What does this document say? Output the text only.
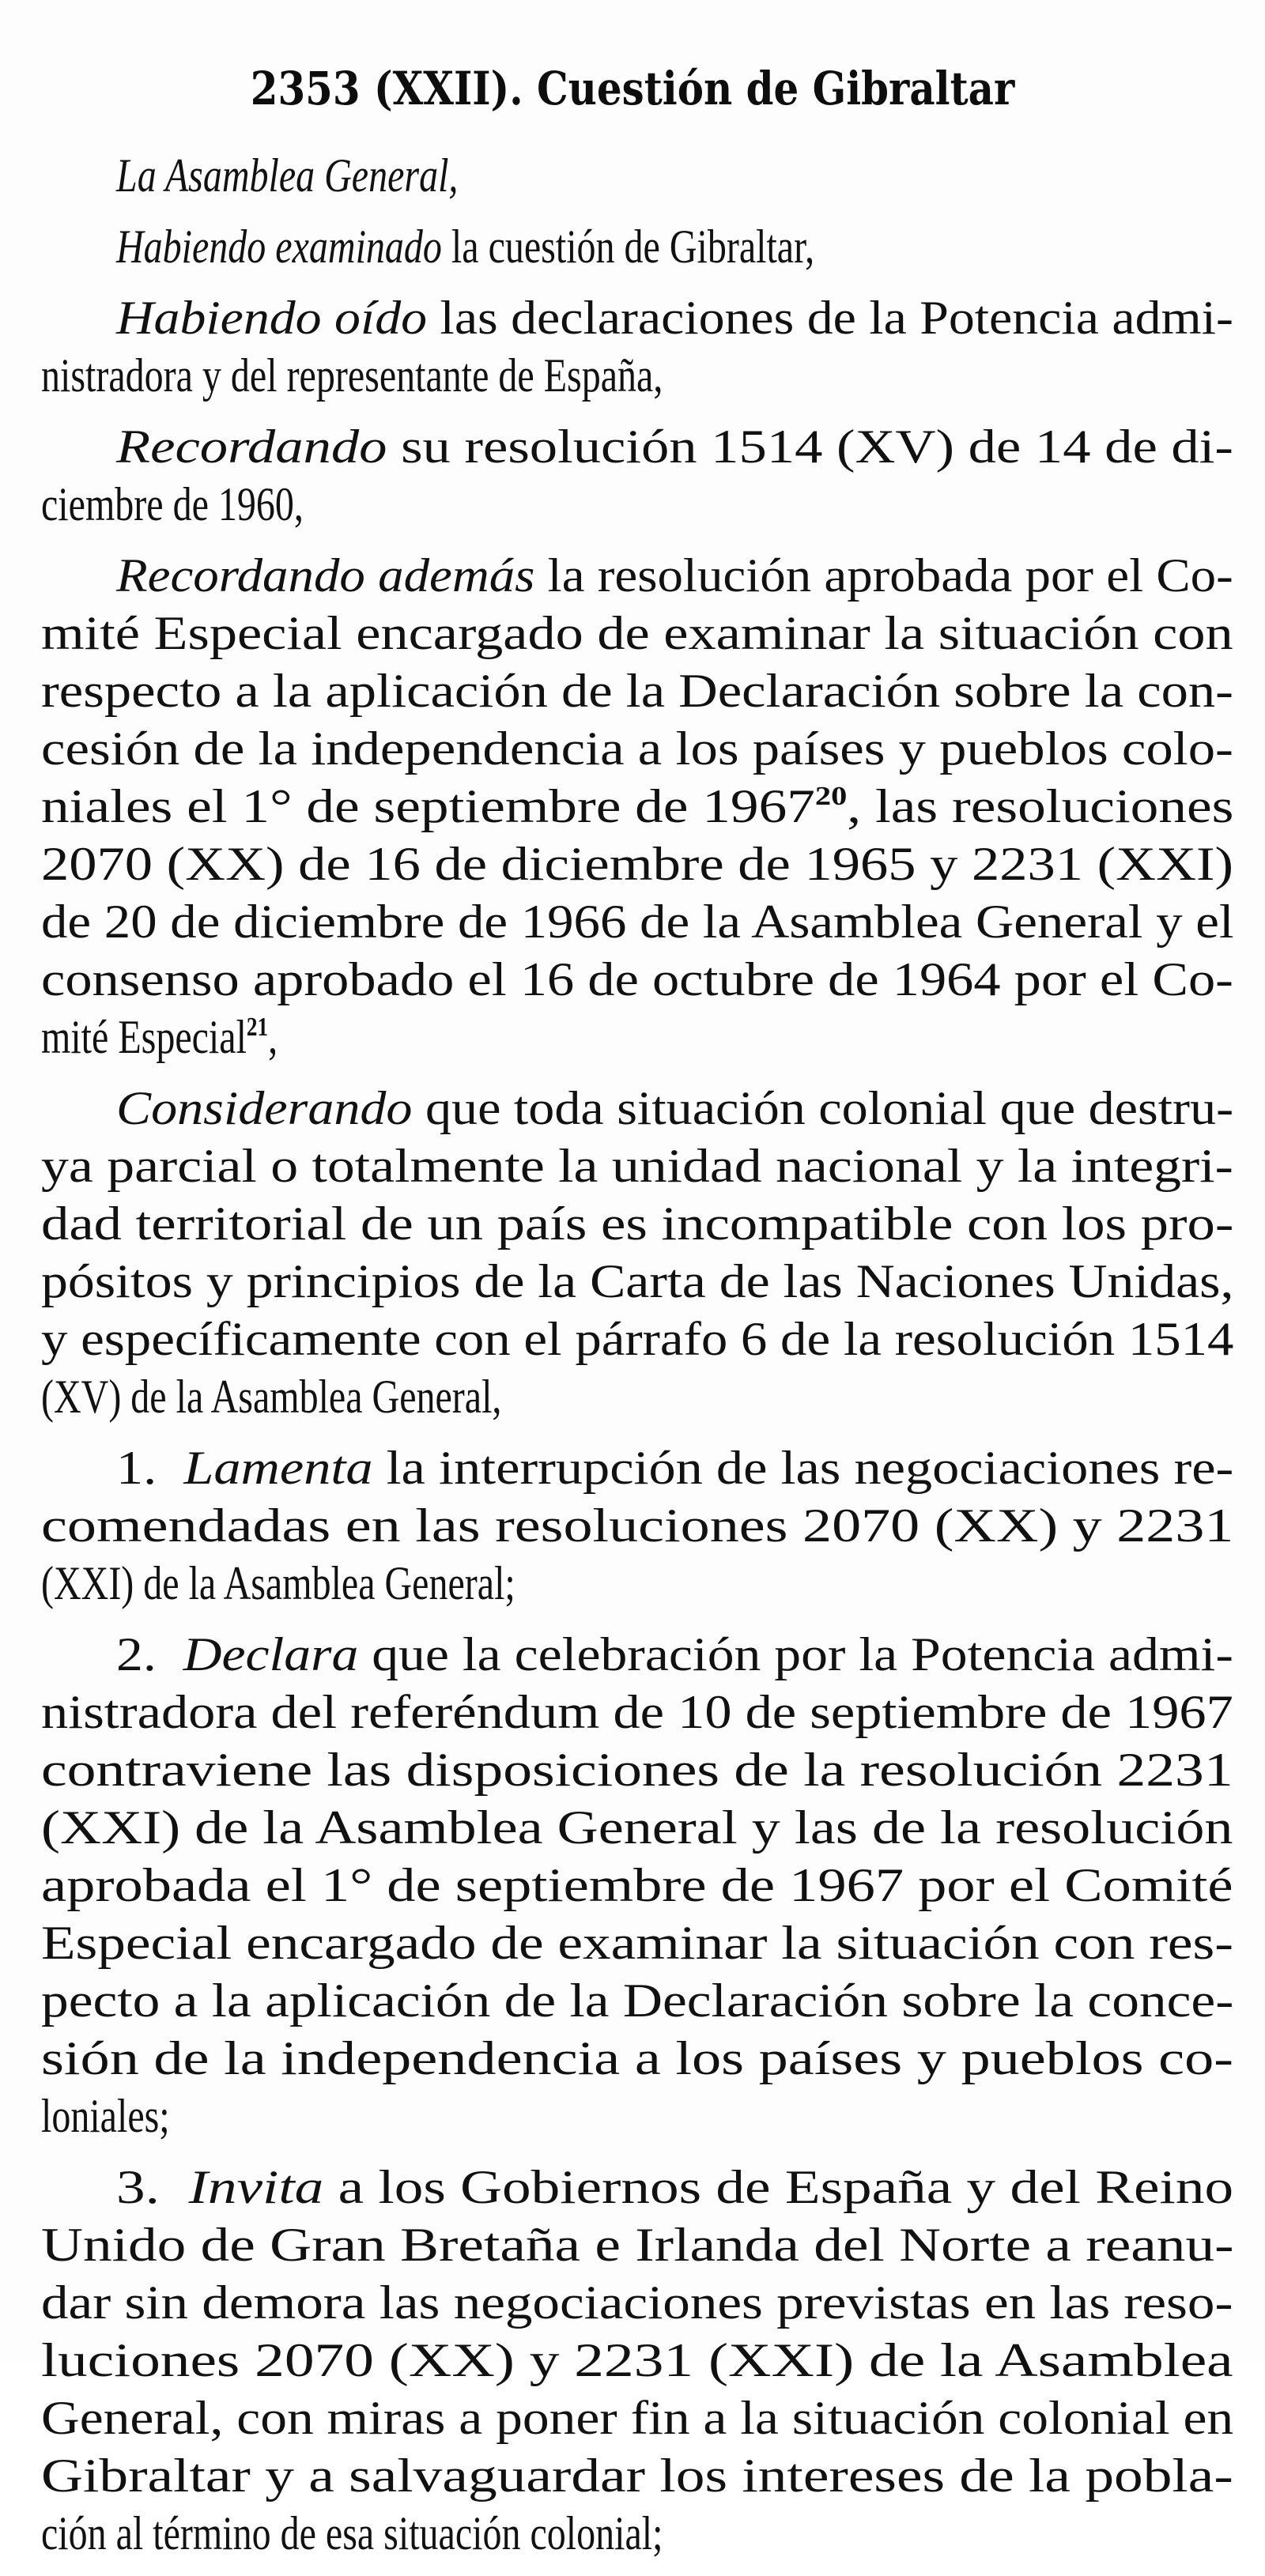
2353 (XXII). Cuestión de Gibraltar
La Asamblea General,
Habiendo examinado la cuestión de Gibraltar,
Habiendo oído las declaraciones de la Potencia admi-
nistradora y del representante de España,
Recordando su resolución 1514 (XV) de 14 de di-
ciembre de 1960,
Recordando además la resolución aprobada por el Co-
mité Especial encargado de examinar la situación con
respecto a la aplicación de la Declaración sobre la con-
cesión de la independencia a los países y pueblos colo-
niales el 1° de septiembre de 1967$^{20}$, las resoluciones
2070 (XX) de 16 de diciembre de 1965 y 2231 (XXI)
de 20 de diciembre de 1966 de la Asamblea General y el
consenso aprobado el 16 de octubre de 1964 por el Co-
mité Especial$^{21}$,
Considerando que toda situación colonial que destru-
ya parcial o totalmente la unidad nacional y la integri-
dad territorial de un país es incompatible con los pro-
pósitos y principios de la Carta de las Naciones Unidas,
y específicamente con el párrafo 6 de la resolución 1514
(XV) de la Asamblea General,
1.  Lamenta la interrupción de las negociaciones re-
comendadas en las resoluciones 2070 (XX) y 2231
(XXI) de la Asamblea General;
2.  Declara que la celebración por la Potencia admi-
nistradora del referéndum de 10 de septiembre de 1967
contraviene las disposiciones de la resolución 2231
(XXI) de la Asamblea General y las de la resolución
aprobada el 1° de septiembre de 1967 por el Comité
Especial encargado de examinar la situación con res-
pecto a la aplicación de la Declaración sobre la conce-
sión de la independencia a los países y pueblos co-
loniales;
3.  Invita a los Gobiernos de España y del Reino
Unido de Gran Bretaña e Irlanda del Norte a reanu-
dar sin demora las negociaciones previstas en las reso-
luciones 2070 (XX) y 2231 (XXI) de la Asamblea
General, con miras a poner fin a la situación colonial en
Gibraltar y a salvaguardar los intereses de la pobla-
ción al término de esa situación colonial;
